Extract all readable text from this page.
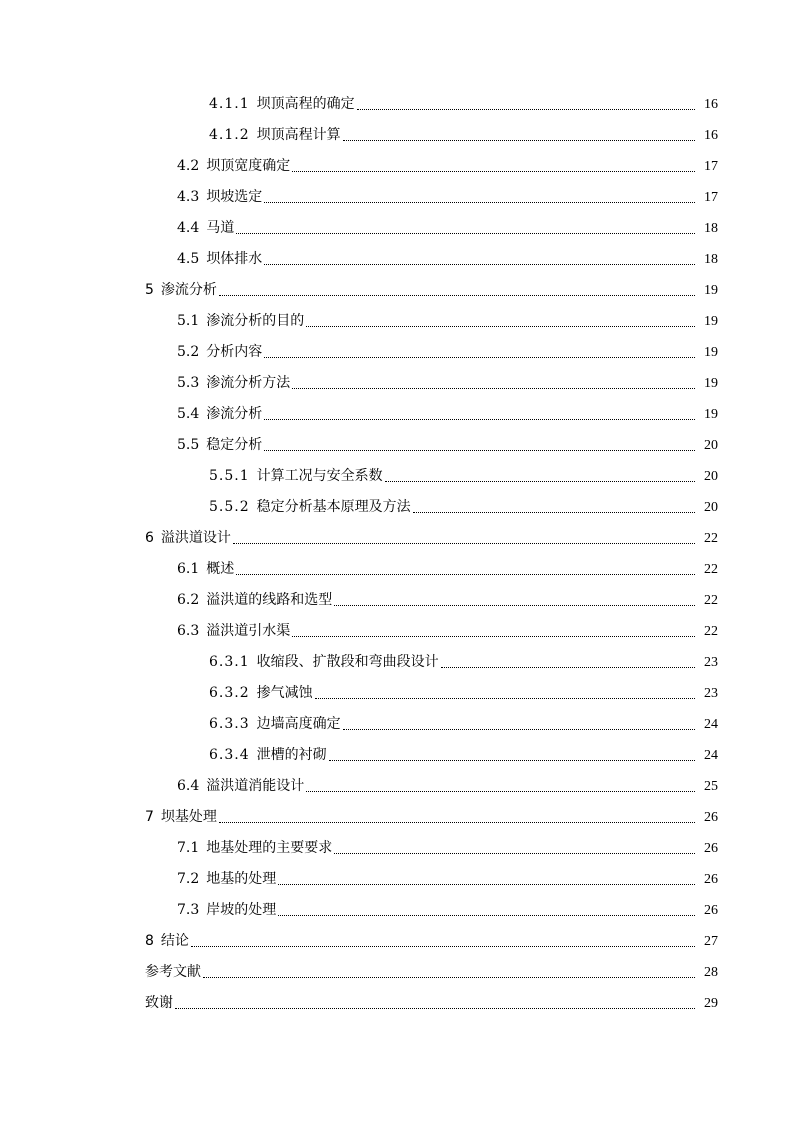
4.1.1 坝顶高程的确定	16
4.1.2 坝顶高程计算	16
4.2 坝顶宽度确定	17
4.3 坝坡选定	17
4.4 马道	18
4.5 坝体排水	18
5 渗流分析	19
5.1 渗流分析的目的	19
5.2 分析内容	19
5.3 渗流分析方法	19
5.4 渗流分析	19
5.5 稳定分析	20
5.5.1 计算工况与安全系数	20
5.5.2 稳定分析基本原理及方法	20
6 溢洪道设计	22
6.1 概述	22
6.2 溢洪道的线路和选型	22
6.3 溢洪道引水渠	22
6.3.1 收缩段、扩散段和弯曲段设计	23
6.3.2 掺气减蚀	23
6.3.3 边墙高度确定	24
6.3.4 泄槽的衬砌	24
6.4 溢洪道消能设计	25
7 坝基处理	26
7.1 地基处理的主要要求	26
7.2 地基的处理	26
7.3 岸坡的处理	26
8 结论	27
参考文献	28
致谢	29
